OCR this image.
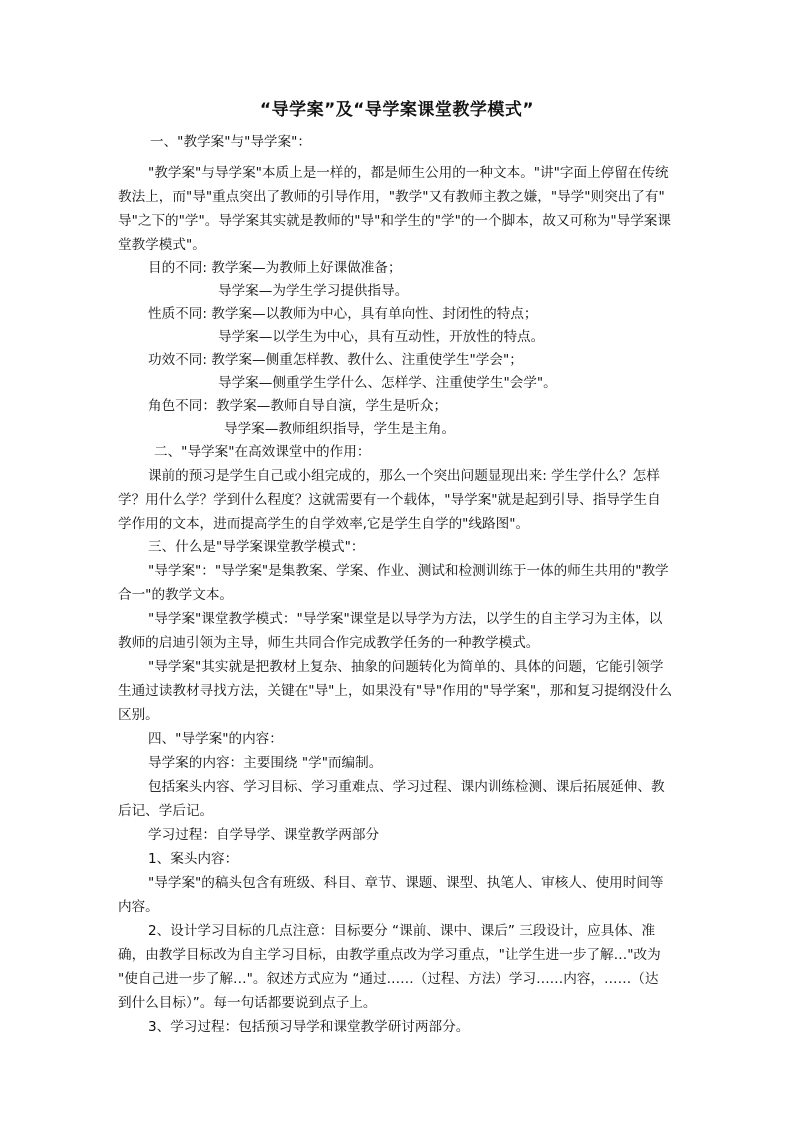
“导学案”及“导学案课堂教学模式”
一、"教学案"与"导学案"：
"教学案"与导学案"本质上是一样的，都是师生公用的一种文本。"讲"字面上停留在传统
教法上，而"导"重点突出了教师的引导作用，"教学"又有教师主教之嫌，"导学"则突出了有"
导"之下的"学"。导学案其实就是教师的"导"和学生的"学"的一个脚本，故又可称为"导学案课
堂教学模式"。
目的不同: 教学案—为教师上好课做准备；
导学案—为学生学习提供指导。
性质不同: 教学案—以教师为中心，具有单向性、封闭性的特点；
导学案—以学生为中心，具有互动性，开放性的特点。
功效不同: 教学案—侧重怎样教、教什么、注重使学生"学会"；
导学案—侧重学生学什么、怎样学、注重使学生"会学"。
角色不同：教学案—教师自导自演，学生是听众；
导学案—教师组织指导，学生是主角。
二、"导学案"在高效课堂中的作用：
课前的预习是学生自己或小组完成的，那么一个突出问题显现出来: 学生学什么？怎样
学？用什么学？学到什么程度？这就需要有一个载体，"导学案"就是起到引导、指导学生自
学作用的文本，进而提高学生的自学效率,它是学生自学的"线路图"。
三、什么是"导学案课堂教学模式"：
"导学案"："导学案"是集教案、学案、作业、测试和检测训练于一体的师生共用的"教学
合一"的教学文本。
"导学案"课堂教学模式："导学案"课堂是以导学为方法，以学生的自主学习为主体，以
教师的启迪引领为主导，师生共同合作完成教学任务的一种教学模式。
"导学案"其实就是把教材上复杂、抽象的问题转化为简单的、具体的问题，它能引领学
生通过读教材寻找方法，关键在"导"上，如果没有"导"作用的"导学案"，那和复习提纲没什么
区别。
四、"导学案"的内容：
导学案的内容：主要围绕 "学"而编制。
包括案头内容、学习目标、学习重难点、学习过程、课内训练检测、课后拓展延伸、教
后记、学后记。
学习过程：自学导学、课堂教学两部分
1、案头内容：
"导学案"的稿头包含有班级、科目、章节、课题、课型、执笔人、审核人、使用时间等
内容。
2、设计学习目标的几点注意：目标要分 “课前、课中、课后” 三段设计，应具体、准
确，由教学目标改为自主学习目标，由教学重点改为学习重点，"让学生进一步了解…"改为
"使自己进一步了解…"。叙述方式应为 “通过……（过程、方法）学习……内容，……（达
到什么目标）”。每一句话都要说到点子上。
3、学习过程：包括预习导学和课堂教学研讨两部分。
